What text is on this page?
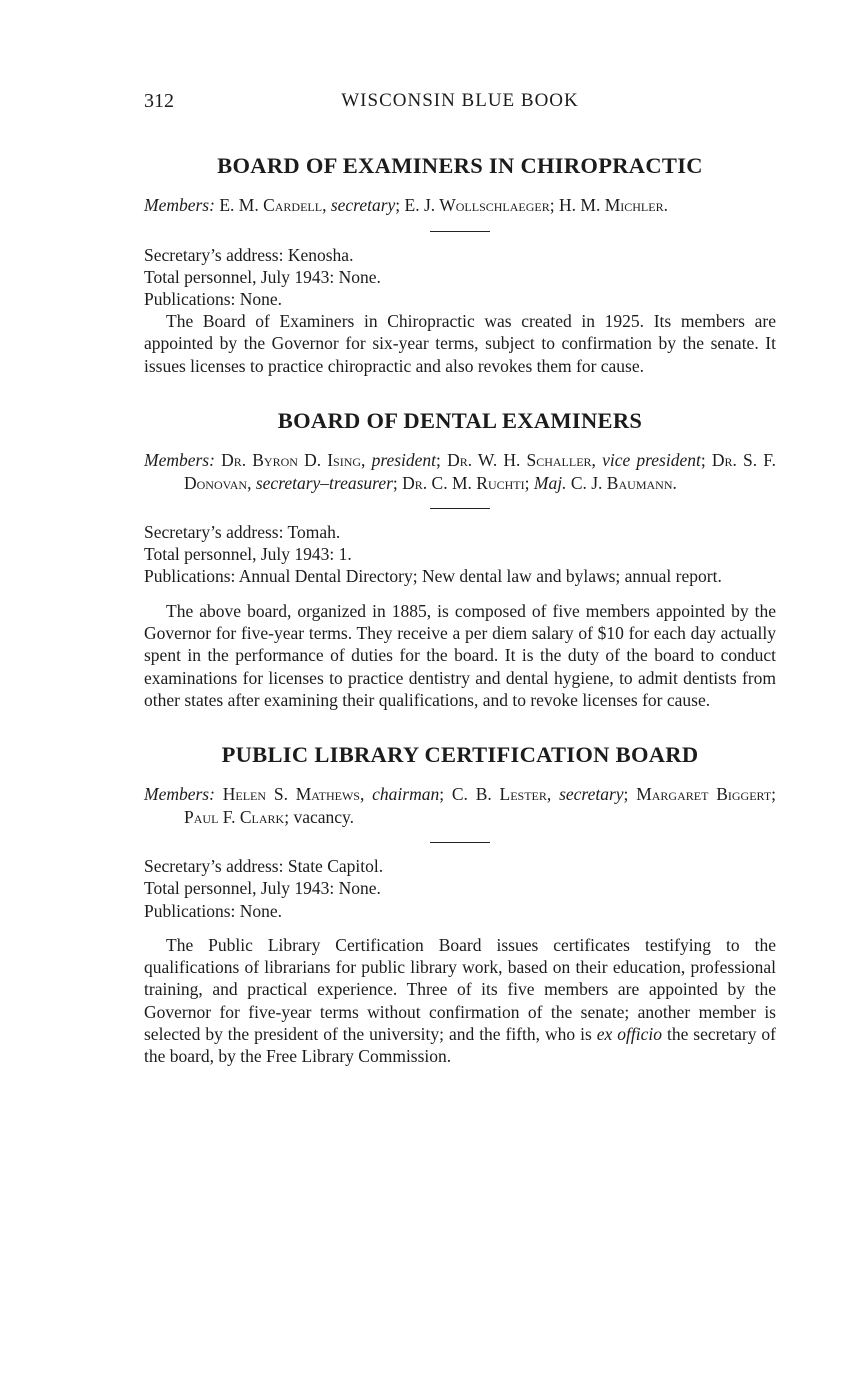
312	WISCONSIN BLUE BOOK
BOARD OF EXAMINERS IN CHIROPRACTIC

Members: E. M. Cardell, secretary; E. J. Wollschlaeger; H. M. Michler.

Secretary’s address: Kenosha.

Total personnel, July 1943: None.

Publications: None.

The Board of Examiners in Chiropractic was created in 1925. Its members are appointed by the Governor for six-year terms, subject to confirmation by the senate. It issues licenses to practice chiropractic and also revokes them for cause.

BOARD OF DENTAL EXAMINERS

Members: Dr. Byron D. Ising, president; Dr. W. H. Schaller, vice president; Dr. S. F. Donovan, secretary–treasurer; Dr. C. M. Ruchti; Maj. C. J. Baumann.

Secretary’s address: Tomah.

Total personnel, July 1943: 1.

Publications: Annual Dental Directory; New dental law and bylaws; annual report.

The above board, organized in 1885, is composed of five members appointed by the Governor for five-year terms. They receive a per diem salary of $10 for each day actually spent in the performance of duties for the board. It is the duty of the board to conduct examinations for licenses to practice dentistry and dental hygiene, to admit dentists from other states after examining their qualifications, and to revoke licenses for cause.

PUBLIC LIBRARY CERTIFICATION BOARD

Members: Helen S. Mathews, chairman; C. B. Lester, secretary; Margaret Biggert; Paul F. Clark; vacancy.

Secretary’s address: State Capitol.

Total personnel, July 1943: None.

Publications: None.

The Public Library Certification Board issues certificates testifying to the qualifications of librarians for public library work, based on their education, professional training, and practical experience. Three of its five members are appointed by the Governor for five-year terms without confirmation of the senate; another member is selected by the president of the university; and the fifth, who is ex officio the secretary of the board, by the Free Library Commission.
